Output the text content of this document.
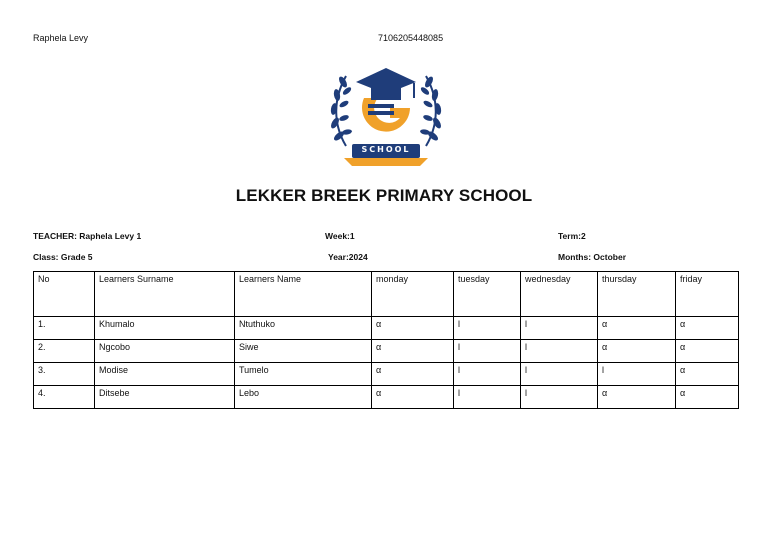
Raphela Levy	7106205448085
SCHOOL
LEKKER BREEK PRIMARY SCHOOL
TEACHER: Raphela Levy 1	Week:1	Term:2
Class: Grade 5	Year:2024	Months: October
No	Learners Surname	Learners Name	monday	tuesday	wednesday	thursday	friday
1.	Khumalo	Ntuthuko	α	l	l	α	α
2.	Ngcobo	Siwe	α	l	l	α	α
3.	Modise	Tumelo	α	l	l	l	α
4.	Ditsebe	Lebo	α	l	l	α	α
